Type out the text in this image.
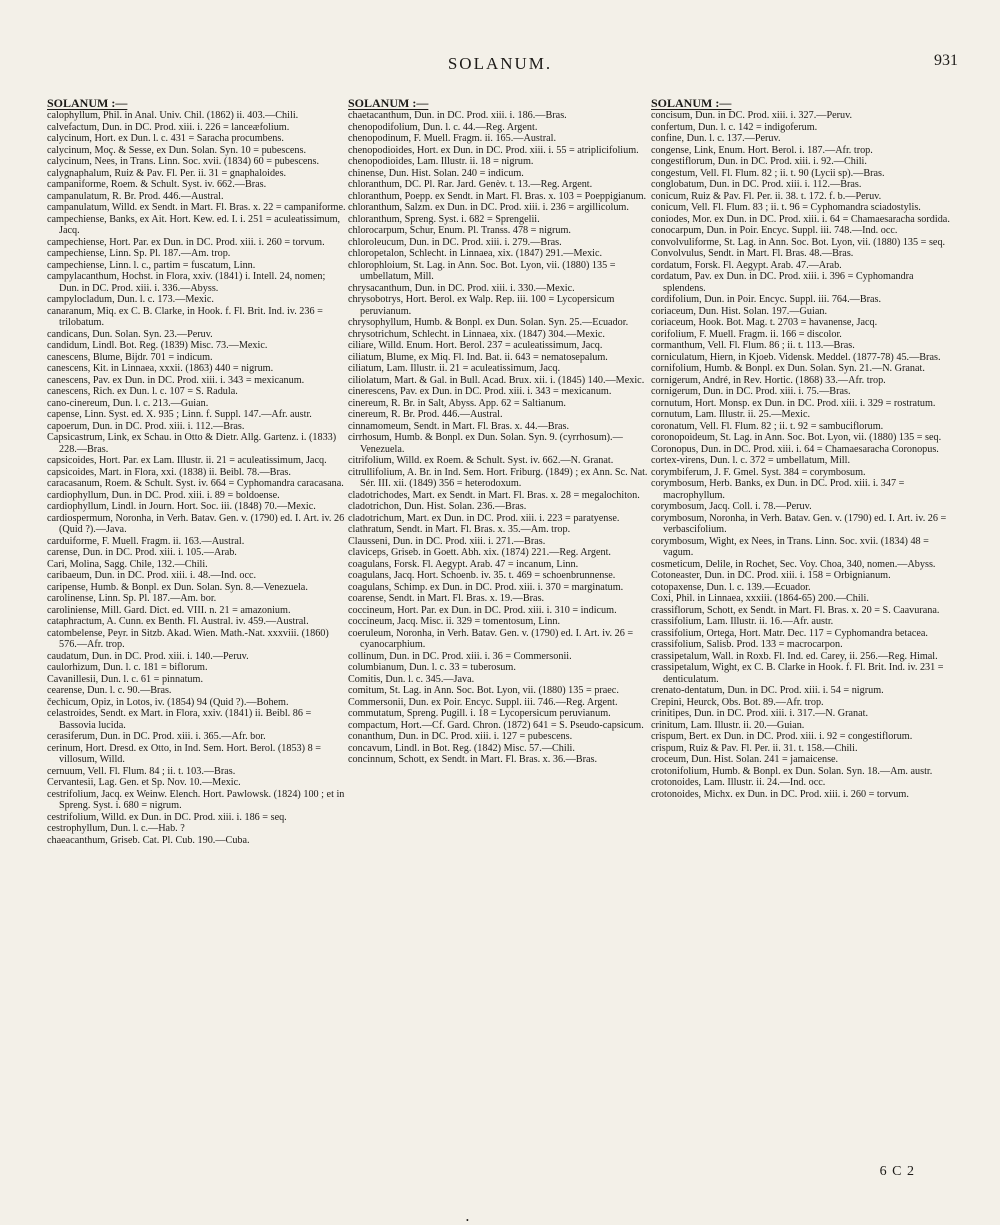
SOLANUM.	931
SOLANUM :—
calophyllum, Phil. in Anal. Univ. Chil. (1862) ii. 403.—Chili.
calvefactum, Dun. in DC. Prod. xiii. i. 226 = lanceæfolium.
calycinum, Hort. ex Dun. l. c. 431 = Saracha procumbens.
calycinum, Moç. & Sesse, ex Dun. Solan. Syn. 10 = pubescens.
calycinum, Nees, in Trans. Linn. Soc. xvii. (1834) 60 = pubescens.
calygnaphalum, Ruiz & Pav. Fl. Per. ii. 31 = gnaphaloides.
campaniforme, Roem. & Schult. Syst. iv. 662.—Bras.
campanulatum, R. Br. Prod. 446.—Austral.
campanulatum, Willd. ex Sendt. in Mart. Fl. Bras. x. 22 = campaniforme.
campechiense, Banks, ex Ait. Hort. Kew. ed. I. i. 251 = aculeatissimum, Jacq.
campechiense, Hort. Par. ex Dun. in DC. Prod. xiii. i. 260 = torvum.
campechiense, Linn. Sp. Pl. 187.—Am. trop.
campechiense, Linn. l. c., partim = fuscatum, Linn.
campylacanthum, Hochst. in Flora, xxiv. (1841) i. Intell. 24, nomen; Dun. in DC. Prod. xiii. i. 336.—Abyss.
campylocladum, Dun. l. c. 173.—Mexic.
canaranum, Miq. ex C. B. Clarke, in Hook. f. Fl. Brit. Ind. iv. 236 = trilobatum.
candicans, Dun. Solan. Syn. 23.—Peruv.
candidum, Lindl. Bot. Reg. (1839) Misc. 73.—Mexic.
canescens, Blume, Bijdr. 701 = indicum.
canescens, Kit. in Linnaea, xxxii. (1863) 440 = nigrum.
canescens, Pav. ex Dun. in DC. Prod. xiii. i. 343 = mexicanum.
canescens, Rich. ex Dun. l. c. 107 = S. Radula.
cano-cinereum, Dun. l. c. 213.—Guian.
capense, Linn. Syst. ed. X. 935 ; Linn. f. Suppl. 147.—Afr. austr.
capoerum, Dun. in DC. Prod. xiii. i. 112.—Bras.
Capsicastrum, Link, ex Schau. in Otto & Dietr. Allg. Gartenz. i. (1833) 228.—Bras.
capsicoides, Hort. Par. ex Lam. Illustr. ii. 21 = aculeatissimum, Jacq.
capsicoides, Mart. in Flora, xxi. (1838) ii. Beibl. 78.—Bras.
caracasanum, Roem. & Schult. Syst. iv. 664 = Cyphomandra caracasana.
cardiophyllum, Dun. in DC. Prod. xiii. i. 89 = boldoense.
cardiophyllum, Lindl. in Journ. Hort. Soc. iii. (1848) 70.—Mexic.
cardiospermum, Noronha, in Verh. Batav. Gen. v. (1790) ed. I. Art. iv. 26 (Quid ?).—Java.
carduiforme, F. Muell. Fragm. ii. 163.—Austral.
carense, Dun. in DC. Prod. xiii. i. 105.—Arab.
Cari, Molina, Sagg. Chile, 132.—Chili.
caribaeum, Dun. in DC. Prod. xiii. i. 48.—Ind. occ.
caripense, Humb. & Bonpl. ex Dun. Solan. Syn. 8.—Venezuela.
carolinense, Linn. Sp. Pl. 187.—Am. bor.
caroliniense, Mill. Gard. Dict. ed. VIII. n. 21 = amazonium.
cataphractum, A. Cunn. ex Benth. Fl. Austral. iv. 459.—Austral.
catombelense, Peyr. in Sitzb. Akad. Wien. Math.-Nat. xxxviii. (1860) 576.—Afr. trop.
caudatum, Dun. in DC. Prod. xiii. i. 140.—Peruv.
caulorhizum, Dun. l. c. 181 = biflorum.
Cavanillesii, Dun. l. c. 61 = pinnatum.
cearense, Dun. l. c. 90.—Bras.
čechicum, Opiz, in Lotos, iv. (1854) 94 (Quid ?).—Bohem.
celastroides, Sendt. ex Mart. in Flora, xxiv. (1841) ii. Beibl. 86 = Bassovia lucida.
cerasiferum, Dun. in DC. Prod. xiii. i. 365.—Afr. bor.
cerinum, Hort. Dresd. ex Otto, in Ind. Sem. Hort. Berol. (1853) 8 = villosum, Willd.
cernuum, Vell. Fl. Flum. 84 ; ii. t. 103.—Bras.
Cervantesii, Lag. Gen. et Sp. Nov. 10.—Mexic.
cestrifolium, Jacq. ex Weinw. Elench. Hort. Pawlowsk. (1824) 100 ; et in Spreng. Syst. i. 680 = nigrum.
cestrifolium, Willd. ex Dun. in DC. Prod. xiii. i. 186 = seq.
cestrophyllum, Dun. l. c.—Hab. ?
chaeacanthum, Griseb. Cat. Pl. Cub. 190.—Cuba.
SOLANUM :—
chaetacanthum, Dun. in DC. Prod. xiii. i. 186.—Bras.
chenopodifolium, Dun. l. c. 44.—Reg. Argent.
chenopodinum, F. Muell. Fragm. ii. 165.—Austral.
chenopodioides, Hort. ex Dun. in DC. Prod. xiii. i. 55 = atriplicifolium.
chenopodioides, Lam. Illustr. ii. 18 = nigrum.
chinense, Dun. Hist. Solan. 240 = indicum.
chloranthum, DC. Pl. Rar. Jard. Genèv. t. 13.—Reg. Argent.
chloranthum, Poepp. ex Sendt. in Mart. Fl. Bras. x. 103 = Poeppigianum.
chloranthum, Salzm. ex Dun. in DC. Prod. xiii. i. 236 = argillicolum.
chloranthum, Spreng. Syst. i. 682 = Sprengelii.
chlorocarpum, Schur, Enum. Pl. Transs. 478 = nigrum.
chloroleucum, Dun. in DC. Prod. xiii. i. 279.—Bras.
chloropetalon, Schlecht. in Linnaea, xix. (1847) 291.—Mexic.
chlorophloium, St. Lag. in Ann. Soc. Bot. Lyon, vii. (1880) 135 = umbellatum, Mill.
chrysacanthum, Dun. in DC. Prod. xiii. i. 330.—Mexic.
chrysobotrys, Hort. Berol. ex Walp. Rep. iii. 100 = Lycopersicum peruvianum.
chrysophyllum, Humb. & Bonpl. ex Dun. Solan. Syn. 25.—Ecuador.
chrysotrichum, Schlecht. in Linnaea, xix. (1847) 304.—Mexic.
ciliare, Willd. Enum. Hort. Berol. 237 = aculeatissimum, Jacq.
ciliatum, Blume, ex Miq. Fl. Ind. Bat. ii. 643 = nematosepalum.
ciliatum, Lam. Illustr. ii. 21 = aculeatissimum, Jacq.
ciliolatum, Mart. & Gal. in Bull. Acad. Brux. xii. i. (1845) 140.—Mexic.
cinerescens, Pav. ex Dun. in DC. Prod. xiii. i. 343 = mexicanum.
cinereum, R. Br. in Salt, Abyss. App. 62 = Saltianum.
cinereum, R. Br. Prod. 446.—Austral.
cinnamomeum, Sendt. in Mart. Fl. Bras. x. 44.—Bras.
cirrhosum, Humb. & Bonpl. ex Dun. Solan. Syn. 9. (cyrrhosum).—Venezuela.
citrifolium, Willd. ex Roem. & Schult. Syst. iv. 662.—N. Granat.
citrullifolium, A. Br. in Ind. Sem. Hort. Friburg. (1849) ; ex Ann. Sc. Nat. Sér. III. xii. (1849) 356 = heterodoxum.
cladotrichodes, Mart. ex Sendt. in Mart. Fl. Bras. x. 28 = megalochiton.
cladotrichon, Dun. Hist. Solan. 236.—Bras.
cladotrichum, Mart. ex Dun. in DC. Prod. xiii. i. 223 = paratyense.
clathratum, Sendt. in Mart. Fl. Bras. x. 35.—Am. trop.
Clausseni, Dun. in DC. Prod. xiii. i. 271.—Bras.
claviceps, Griseb. in Goett. Abh. xix. (1874) 221.—Reg. Argent.
coagulans, Forsk. Fl. Aegypt. Arab. 47 = incanum, Linn.
coagulans, Jacq. Hort. Schoenb. iv. 35. t. 469 = schoenbrunnense.
coagulans, Schimp. ex Dun. in DC. Prod. xiii. i. 370 = marginatum.
coarense, Sendt. in Mart. Fl. Bras. x. 19.—Bras.
coccineum, Hort. Par. ex Dun. in DC. Prod. xiii. i. 310 = indicum.
coccineum, Jacq. Misc. ii. 329 = tomentosum, Linn.
coeruleum, Noronha, in Verh. Batav. Gen. v. (1790) ed. I. Art. iv. 26 = cyanocarphium.
collinum, Dun. in DC. Prod. xiii. i. 36 = Commersonii.
columbianum, Dun. l. c. 33 = tuberosum.
Comitis, Dun. l. c. 345.—Java.
comitum, St. Lag. in Ann. Soc. Bot. Lyon, vii. (1880) 135 = praec.
Commersonii, Dun. ex Poir. Encyc. Suppl. iii. 746.—Reg. Argent.
commutatum, Spreng. Pugill. i. 18 = Lycopersicum peruvianum.
compactum, Hort.—Cf. Gard. Chron. (1872) 641 = S. Pseudo-capsicum.
conanthum, Dun. in DC. Prod. xiii. i. 127 = pubescens.
concavum, Lindl. in Bot. Reg. (1842) Misc. 57.—Chili.
concinnum, Schott, ex Sendt. in Mart. Fl. Bras. x. 36.—Bras.
SOLANUM :—
concisum, Dun. in DC. Prod. xiii. i. 327.—Peruv.
confertum, Dun. l. c. 142 = indigoferum.
confine, Dun. l. c. 137.—Peruv.
congense, Link, Enum. Hort. Berol. i. 187.—Afr. trop.
congestiflorum, Dun. in DC. Prod. xiii. i. 92.—Chili.
congestum, Vell. Fl. Flum. 82 ; ii. t. 90 (Lycii sp).—Bras.
conglobatum, Dun. in DC. Prod. xiii. i. 112.—Bras.
conicum, Ruiz & Pav. Fl. Per. ii. 38. t. 172. f. b.—Peruv.
conicum, Vell. Fl. Flum. 83 ; ii. t. 96 = Cyphomandra sciadostylis.
coniodes, Mor. ex Dun. in DC. Prod. xiii. i. 64 = Chamaesaracha sordida.
conocarpum, Dun. in Poir. Encyc. Suppl. iii. 748.—Ind. occ.
convolvuliforme, St. Lag. in Ann. Soc. Bot. Lyon, vii. (1880) 135 = seq.
Convolvulus, Sendt. in Mart. Fl. Bras. 48.—Bras.
cordatum, Forsk. Fl. Aegypt. Arab. 47.—Arab.
cordatum, Pav. ex Dun. in DC. Prod. xiii. i. 396 = Cyphomandra splendens.
cordifolium, Dun. in Poir. Encyc. Suppl. iii. 764.—Bras.
coriaceum, Dun. Hist. Solan. 197.—Guian.
coriaceum, Hook. Bot. Mag. t. 2703 = havanense, Jacq.
corifolium, F. Muell. Fragm. ii. 166 = discolor.
cormanthum, Vell. Fl. Flum. 86 ; ii. t. 113.—Bras.
corniculatum, Hiern, in Kjoeb. Vidensk. Meddel. (1877-78) 45.—Bras.
cornifolium, Humb. & Bonpl. ex Dun. Solan. Syn. 21.—N. Granat.
cornigerum, André, in Rev. Hortic. (1868) 33.—Afr. trop.
cornigerum, Dun. in DC. Prod. xiii. i. 75.—Bras.
cornutum, Hort. Monsp. ex Dun. in DC. Prod. xiii. i. 329 = rostratum.
cornutum, Lam. Illustr. ii. 25.—Mexic.
coronatum, Vell. Fl. Flum. 82 ; ii. t. 92 = sambuciflorum.
coronopoideum, St. Lag. in Ann. Soc. Bot. Lyon, vii. (1880) 135 = seq.
Coronopus, Dun. in DC. Prod. xiii. i. 64 = Chamaesaracha Coronopus.
cortex-virens, Dun. l. c. 372 = umbellatum, Mill.
corymbiferum, J. F. Gmel. Syst. 384 = corymbosum.
corymbosum, Herb. Banks, ex Dun. in DC. Prod. xiii. i. 347 = macrophyllum.
corymbosum, Jacq. Coll. i. 78.—Peruv.
corymbosum, Noronha, in Verh. Batav. Gen. v. (1790) ed. I. Art. iv. 26 = verbascifolium.
corymbosum, Wight, ex Nees, in Trans. Linn. Soc. xvii. (1834) 48 = vagum.
cosmeticum, Delile, in Rochet, Sec. Voy. Choa, 340, nomen.—Abyss.
Cotoneaster, Dun. in DC. Prod. xiii. i. 158 = Orbignianum.
cotopaxense, Dun. l. c. 139.—Ecuador.
Coxi, Phil. in Linnaea, xxxiii. (1864-65) 200.—Chili.
crassiflorum, Schott, ex Sendt. in Mart. Fl. Bras. x. 20 = S. Caavurana.
crassifolium, Lam. Illustr. ii. 16.—Afr. austr.
crassifolium, Ortega, Hort. Matr. Dec. 117 = Cyphomandra betacea.
crassifolium, Salisb. Prod. 133 = macrocarpon.
crassipetalum, Wall. in Roxb. Fl. Ind. ed. Carey, ii. 256.—Reg. Himal.
crassipetalum, Wight, ex C. B. Clarke in Hook. f. Fl. Brit. Ind. iv. 231 = denticulatum.
crenato-dentatum, Dun. in DC. Prod. xiii. i. 54 = nigrum.
Crepini, Heurck, Obs. Bot. 89.—Afr. trop.
crinitipes, Dun. in DC. Prod. xiii. i. 317.—N. Granat.
crinitum, Lam. Illustr. ii. 20.—Guian.
crispum, Bert. ex Dun. in DC. Prod. xiii. i. 92 = congestiflorum.
crispum, Ruiz & Pav. Fl. Per. ii. 31. t. 158.—Chili.
croceum, Dun. Hist. Solan. 241 = jamaicense.
crotonifolium, Humb. & Bonpl. ex Dun. Solan. Syn. 18.—Am. austr.
crotonoides, Lam. Illustr. ii. 24.—Ind. occ.
crotonoides, Michx. ex Dun. in DC. Prod. xiii. i. 260 = torvum.
6 C 2
•
